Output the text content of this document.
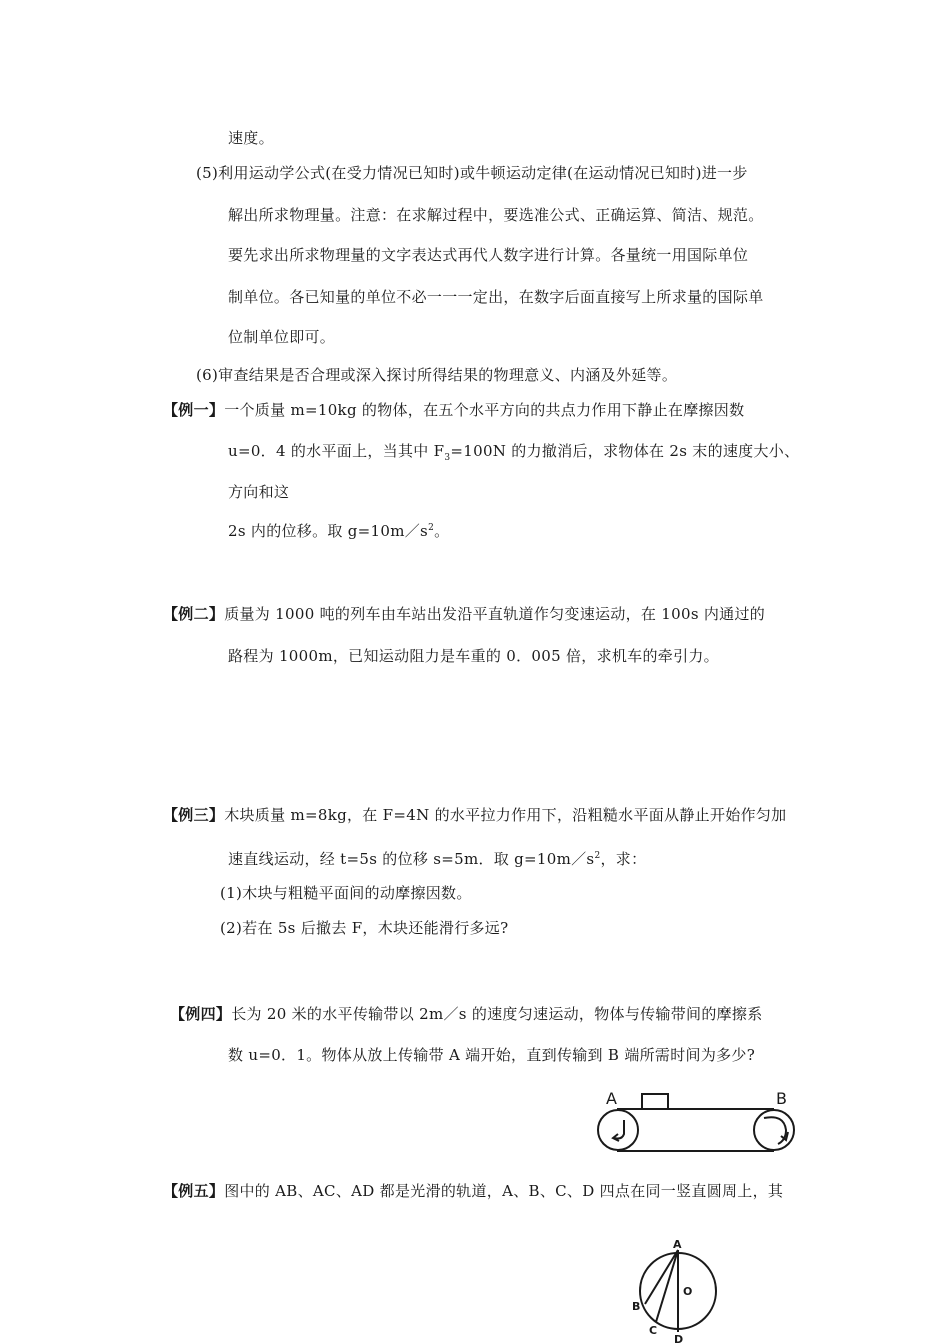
速度。
(5)利用运动学公式(在受力情况已知时)或牛顿运动定律(在运动情况已知时)进一步
解出所求物理量。注意：在求解过程中，要选准公式、正确运算、简洁、规范。
要先求出所求物理量的文字表达式再代人数字进行计算。各量统一用国际单位
制单位。各已知量的单位不必一一一定出，在数字后面直接写上所求量的国际单
位制单位即可。
(6)审查结果是否合理或深入探讨所得结果的物理意义、内涵及外延等。
【例一】一个质量 m=10kg 的物体，在五个水平方向的共点力作用下静止在摩擦因数
u=0．4 的水平面上，当其中 $F_3=100N$ 的力撤消后，求物体在 2s 末的速度大小、
方向和这
2s 内的位移。取 $g=10m/s^2$。
【例二】质量为 1000 吨的列车由车站出发沿平直轨道作匀变速运动，在 100s 内通过的
路程为 1000m，已知运动阻力是车重的 0．005 倍，求机车的牵引力。
【例三】木块质量 m=8kg，在 F=4N 的水平拉力作用下，沿粗糙水平面从静止开始作匀加
速直线运动，经 t=5s 的位移 s=5m．取 $g=10m/s^2$，求：
(1)木块与粗糙平面间的动摩擦因数。
(2)若在 5s 后撤去 F，木块还能滑行多远?
【例四】长为 20 米的水平传输带以 2m／s 的速度匀速运动，物体与传输带间的摩擦系
数 u=0．1。物体从放上传输带 A 端开始，直到传输到 B 端所需时间为多少?
A	B
【例五】图中的 AB、AC、AD 都是光滑的轨道，A、B、C、D 四点在同一竖直圆周上，其
A
O
B
C
D
